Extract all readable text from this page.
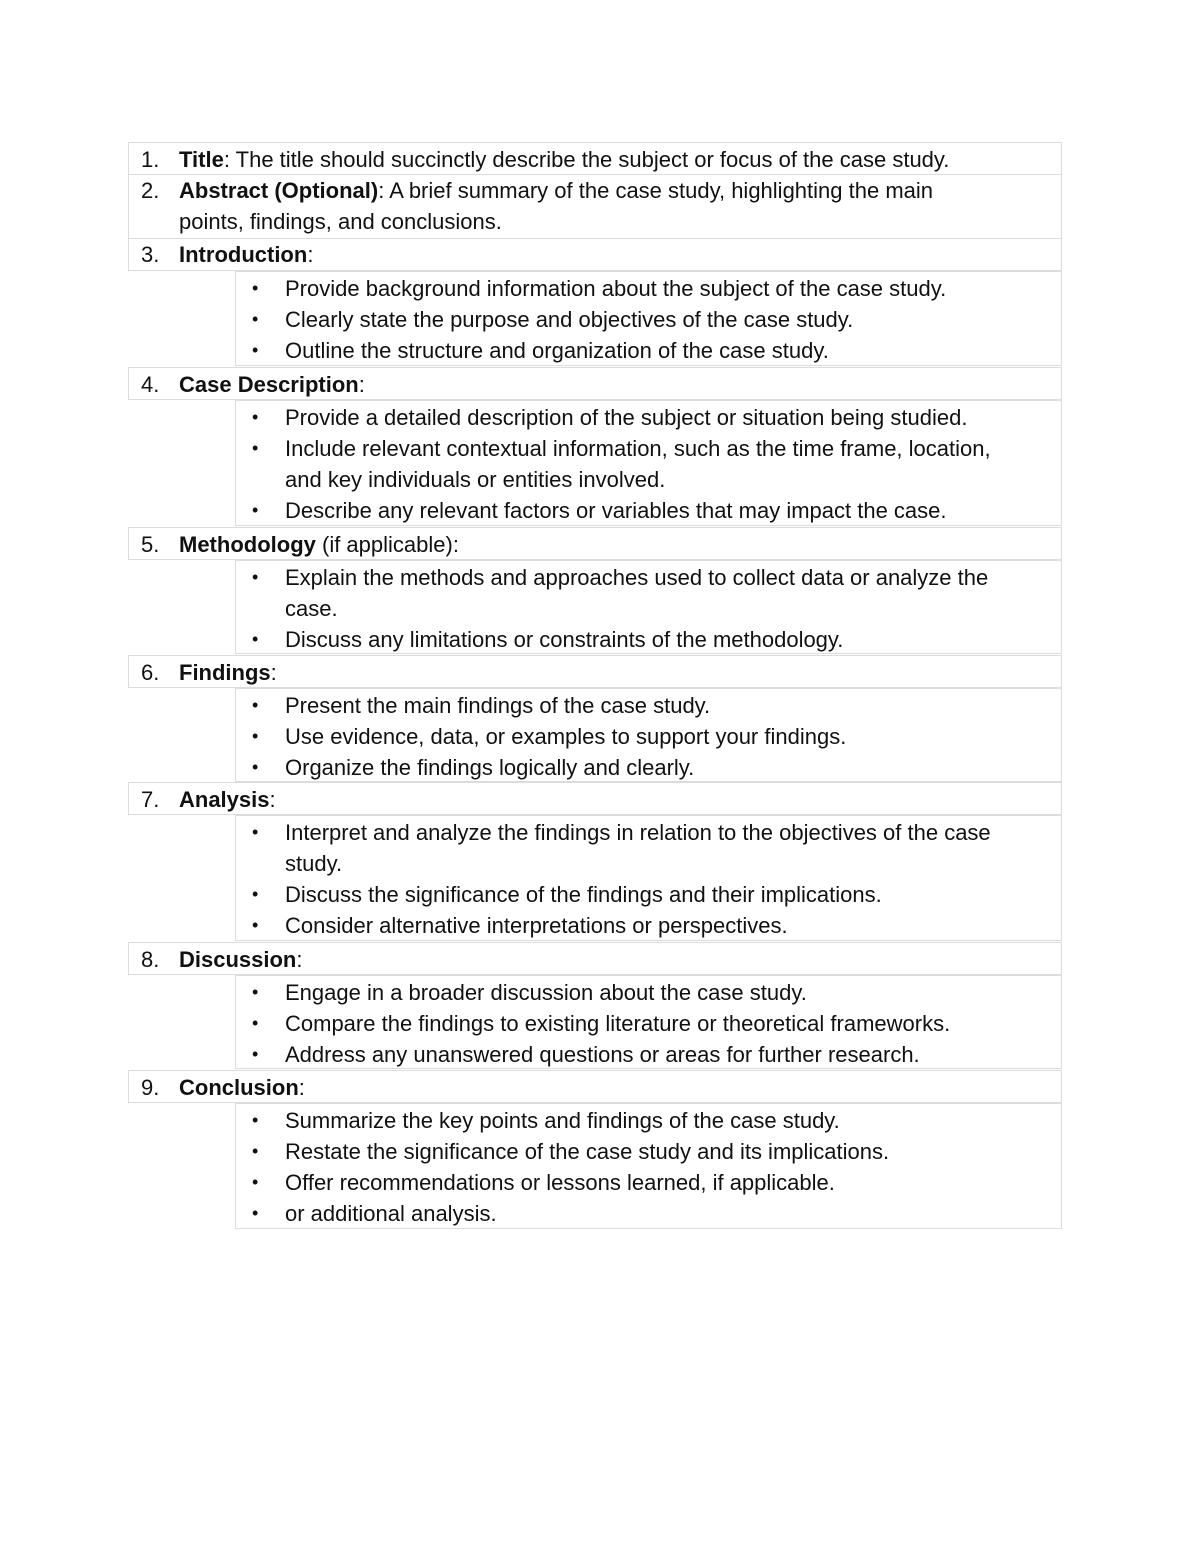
1. Title: The title should succinctly describe the subject or focus of the case study.
2. Abstract (Optional): A brief summary of the case study, highlighting the main
points, findings, and conclusions.
3. Introduction:
• Provide background information about the subject of the case study.
• Clearly state the purpose and objectives of the case study.
• Outline the structure and organization of the case study.
4. Case Description:
• Provide a detailed description of the subject or situation being studied.
• Include relevant contextual information, such as the time frame, location,
and key individuals or entities involved.
• Describe any relevant factors or variables that may impact the case.
5. Methodology (if applicable):
• Explain the methods and approaches used to collect data or analyze the
case.
• Discuss any limitations or constraints of the methodology.
6. Findings:
• Present the main findings of the case study.
• Use evidence, data, or examples to support your findings.
• Organize the findings logically and clearly.
7. Analysis:
• Interpret and analyze the findings in relation to the objectives of the case
study.
• Discuss the significance of the findings and their implications.
• Consider alternative interpretations or perspectives.
8. Discussion:
• Engage in a broader discussion about the case study.
• Compare the findings to existing literature or theoretical frameworks.
• Address any unanswered questions or areas for further research.
9. Conclusion:
• Summarize the key points and findings of the case study.
• Restate the significance of the case study and its implications.
• Offer recommendations or lessons learned, if applicable.
• or additional analysis.
